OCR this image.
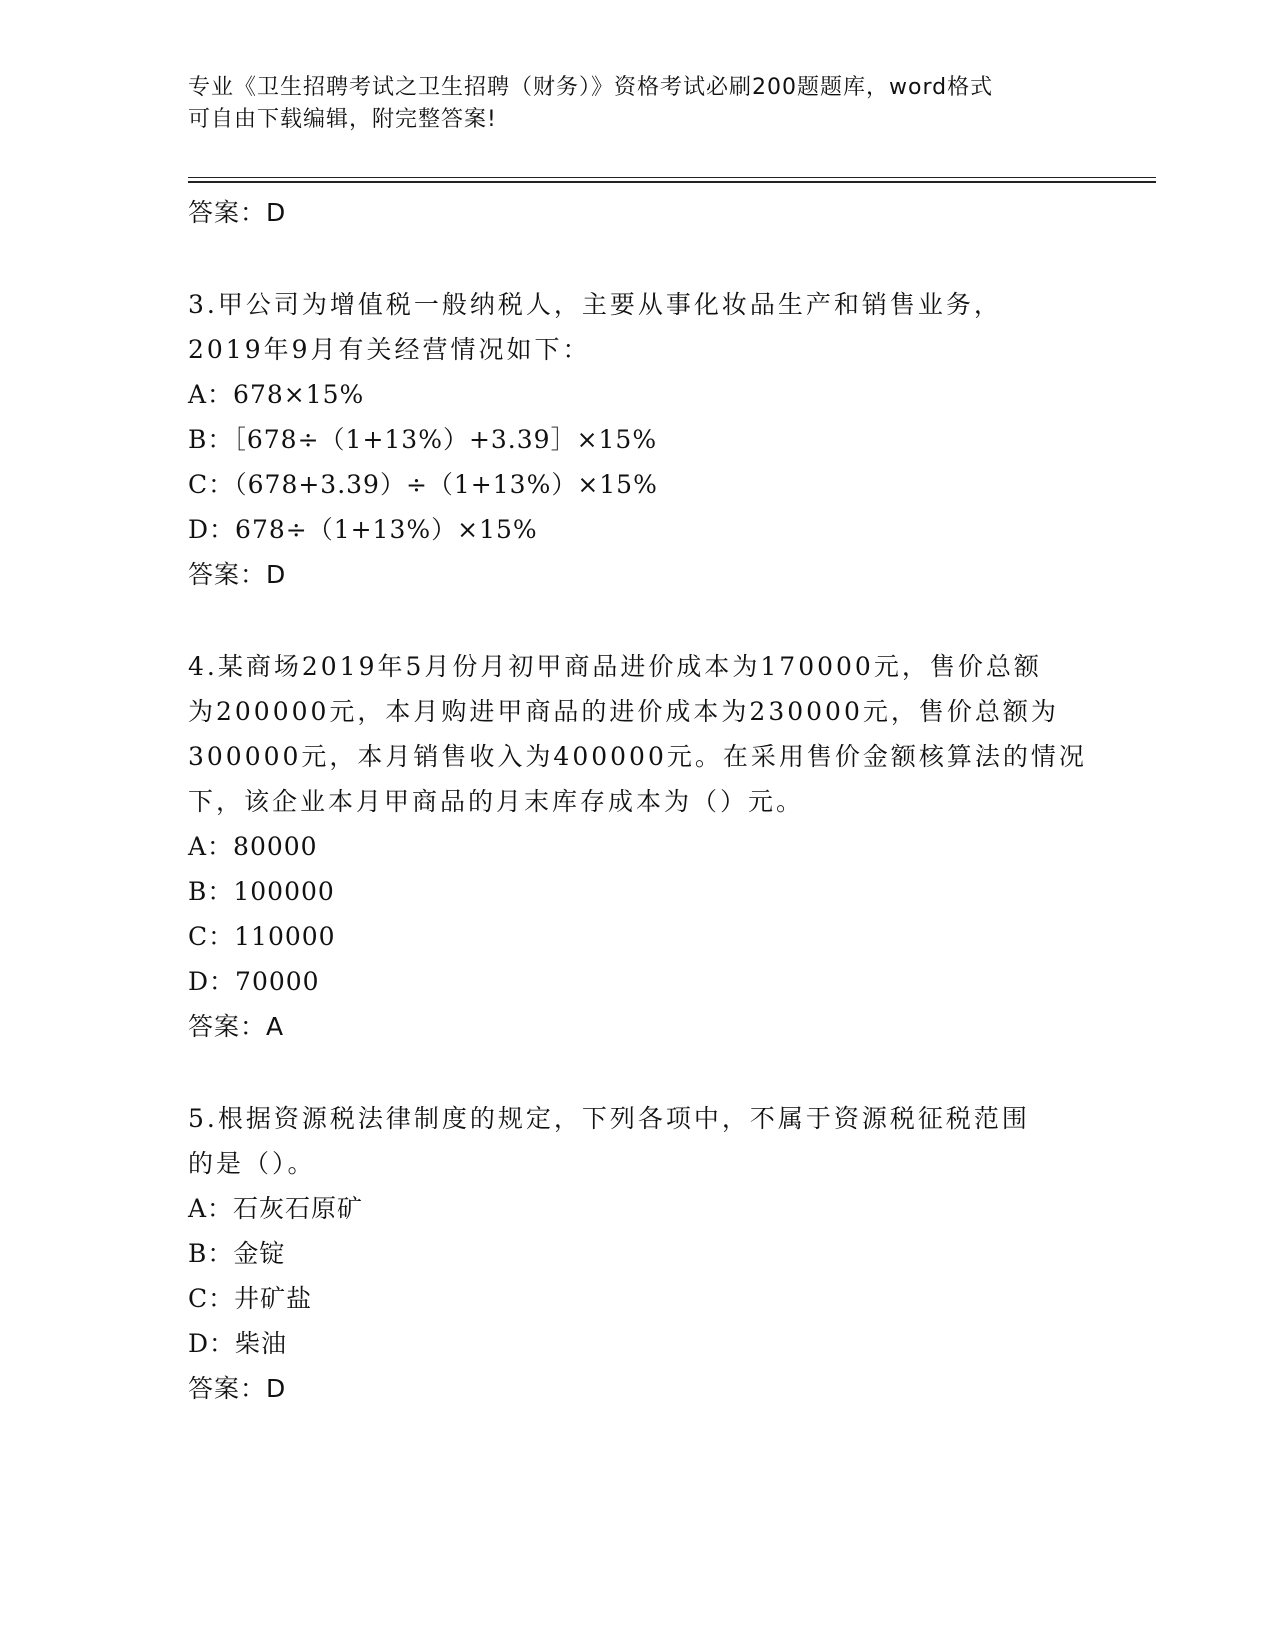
专业《卫生招聘考试之卫生招聘（财务）》资格考试必刷200题题库，word格式
可自由下载编辑，附完整答案!
答案：D
3.甲公司为增值税一般纳税人，主要从事化妆品生产和销售业务，
2019年9月有关经营情况如下：
A：678×15%
B：［678÷（1+13%）+3.39］×15%
C：（678+3.39）÷（1+13%）×15%
D：678÷（1+13%）×15%
答案：D
4.某商场2019年5月份月初甲商品进价成本为170000元，售价总额
为200000元，本月购进甲商品的进价成本为230000元，售价总额为
300000元，本月销售收入为400000元。在采用售价金额核算法的情况
下，该企业本月甲商品的月末库存成本为（）元。
A：80000
B：100000
C：110000
D：70000
答案：A
5.根据资源税法律制度的规定，下列各项中，不属于资源税征税范围
的是（）。
A：石灰石原矿
B：金锭
C：井矿盐
D：柴油
答案：D
